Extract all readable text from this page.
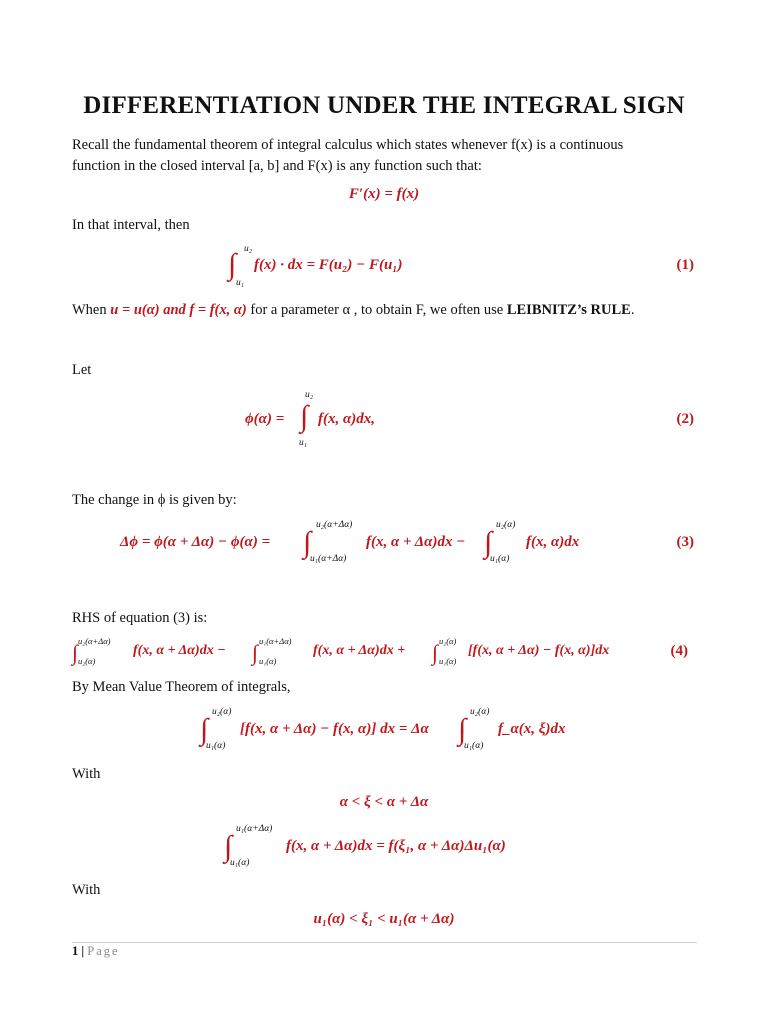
DIFFERENTIATION UNDER THE INTEGRAL SIGN
Recall the fundamental theorem of integral calculus which states whenever f(x) is a continuous
function in the closed interval [a, b] and F(x) is any function such that:
F′(x) = f(x)
In that interval, then
∫ u₂
u₁
f(x) · dx = F(u₂) − F(u₁)	(1)
When u = u(α) and f = f(x, α) for a parameter α , to obtain F, we often use LEIBNITZ’s RULE.
Let
ϕ(α) =
u₂
∫
u₁
f(x, α)dx,	(2)
The change in ϕ is given by:
Δϕ = ϕ(α + Δα) − ϕ(α) = ∫
u₂(α+Δα)
u₁(α+Δα)
f(x, α + Δα)dx − ∫
u₂(α)
u₁(α)
f(x, α)dx	(3)
RHS of equation (3) is:
∫ u₂(α+Δα)
u₂(α)
f(x, α + Δα)dx − ∫ u₁(α+Δα)
u₁(α)
f(x, α + Δα)dx + ∫ u₂(α)
u₁(α)
[f(x, α + Δα) − f(x, α)]dx	(4)
By Mean Value Theorem of integrals,
∫
u₂(α)
u₁(α)
[f(x, α + Δα) − f(x, α)] dx = Δα ∫
u₂(α)
u₁(α)
f_α(x, ξ)dx
With
α < ξ < α + Δα
∫
u₁(α+Δα)
u₁(α)
f(x, α + Δα)dx = f(ξ₁, α + Δα)Δu₁(α)
With
u₁(α) < ξ₁ < u₁(α + Δα)
1 | Page
